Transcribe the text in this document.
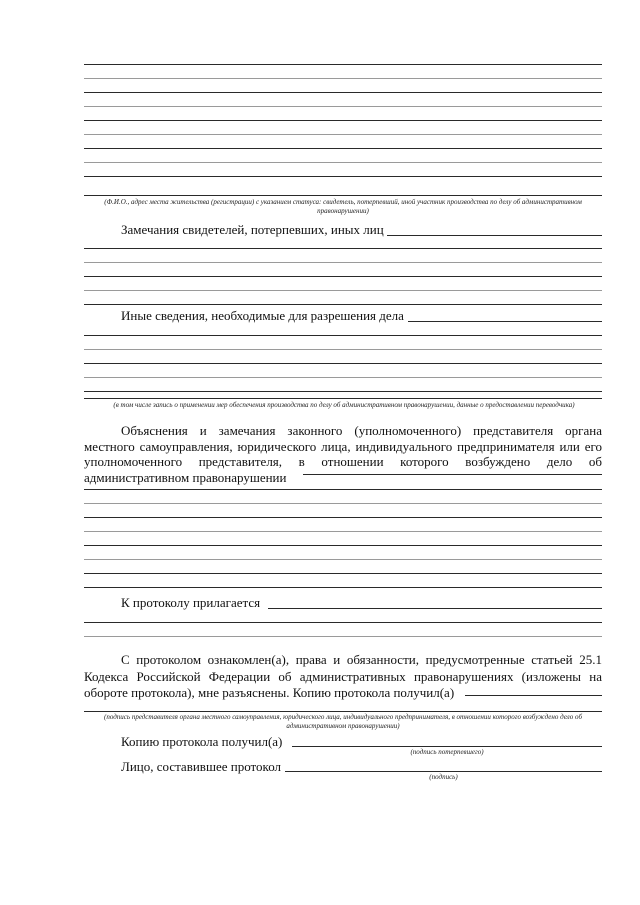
(Ф.И.О., адрес места жительства (регистрации) с указанием статуса: свидетель, потерпевший, иной участник производства по делу об административном правонарушении)
Замечания свидетелей, потерпевших, иных лиц
Иные сведения, необходимые для разрешения дела
(в том числе запись о применении мер обеспечения производства по делу об административном правонарушении, данные о предоставлении переводчика)
Объяснения и замечания законного (уполномоченного) представителя органа местного самоуправления, юридического лица, индивидуального предпринимателя или его уполномоченного представителя, в отношении которого возбуждено дело об административном правонарушении
К протоколу прилагается
С протоколом ознакомлен(а), права и обязанности, предусмотренные статьей 25.1 Кодекса Российской Федерации об административных правонарушениях (изложены на обороте протокола), мне разъяснены. Копию протокола получил(а)
(подпись представителя органа местного самоуправления, юридического лица, индивидуального предпринимателя, в отношении которого возбуждено дело об административном правонарушении)
Копию протокола получил(а)
(подпись потерпевшего)
Лицо, составившее протокол
(подпись)
